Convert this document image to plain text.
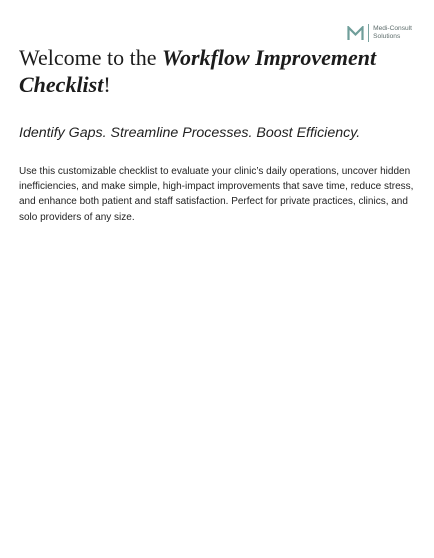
Medi-Consult
Solutions
Welcome to the Workflow Improvement
Checklist!

Identify Gaps. Streamline Processes. Boost Efficiency.

Use this customizable checklist to evaluate your clinic’s daily operations, uncover hidden inefficiencies, and make simple, high-impact improvements that save time, reduce stress, and enhance both patient and staff satisfaction. Perfect for private practices, clinics, and solo providers of any size.
